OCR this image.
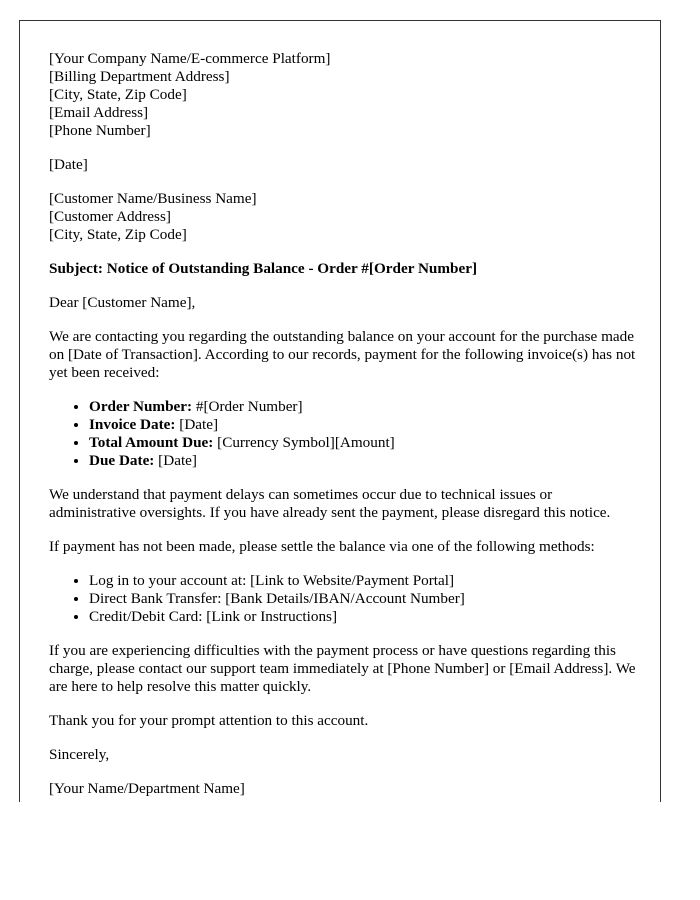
[Your Company Name/E-commerce Platform]
[Billing Department Address]
[City, State, Zip Code]
[Email Address]
[Phone Number]
[Date]
[Customer Name/Business Name]
[Customer Address]
[City, State, Zip Code]
Subject: Notice of Outstanding Balance - Order #[Order Number]

Dear [Customer Name],

We are contacting you regarding the outstanding balance on your account for the purchase made on [Date of Transaction]. According to our records, payment for the following invoice(s) has not yet been received:

• Order Number: #[Order Number]
• Invoice Date: [Date]
• Total Amount Due: [Currency Symbol][Amount]
• Due Date: [Date]

We understand that payment delays can sometimes occur due to technical issues or administrative oversights. If you have already sent the payment, please disregard this notice.

If payment has not been made, please settle the balance via one of the following methods:

• Log in to your account at: [Link to Website/Payment Portal]
• Direct Bank Transfer: [Bank Details/IBAN/Account Number]
• Credit/Debit Card: [Link or Instructions]

If you are experiencing difficulties with the payment process or have questions regarding this charge, please contact our support team immediately at [Phone Number] or [Email Address]. We are here to help resolve this matter quickly.

Thank you for your prompt attention to this account.

Sincerely,

[Your Name/Department Name]
